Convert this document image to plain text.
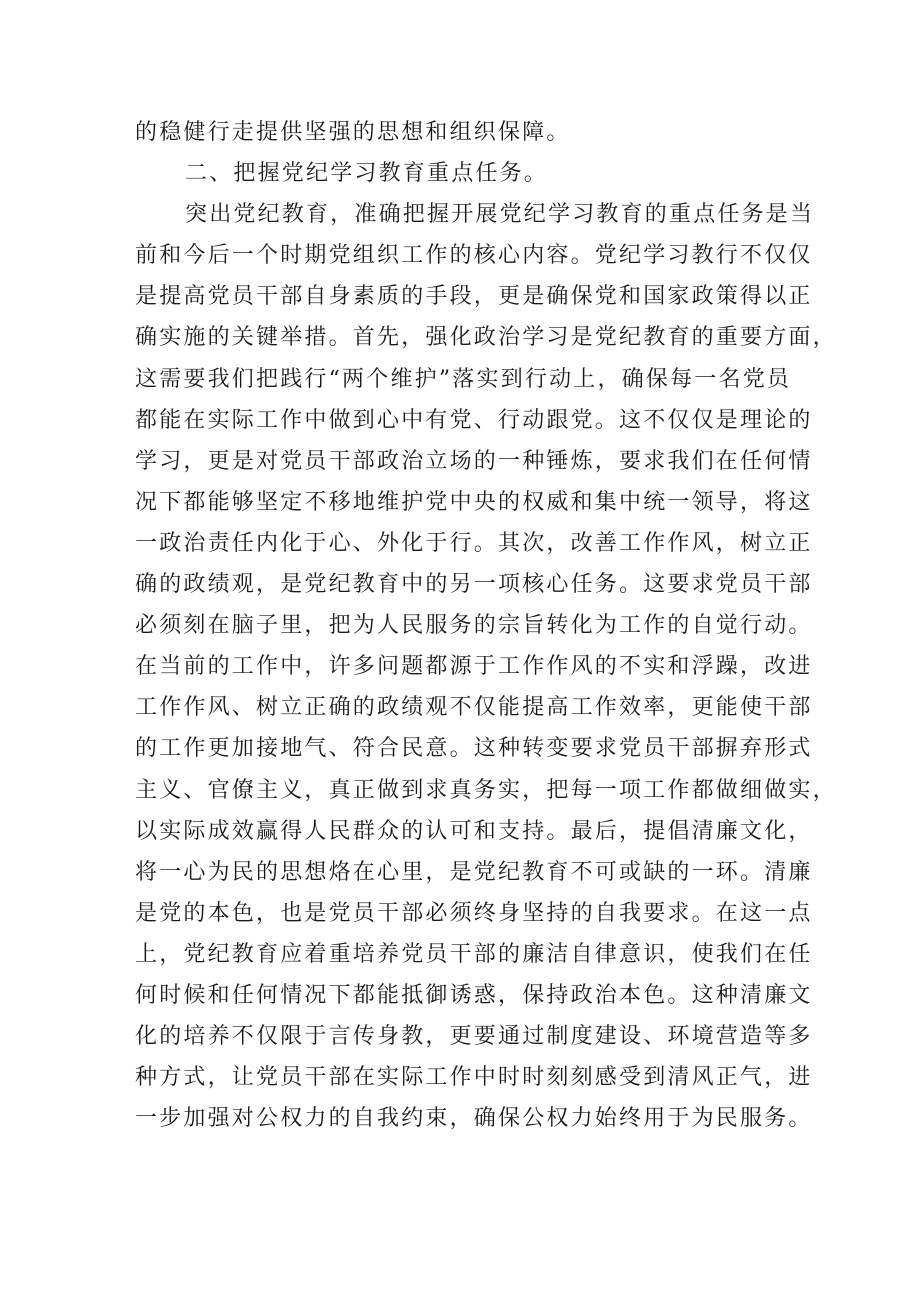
的稳健行走提供坚强的思想和组织保障。
二、把握党纪学习教育重点任务。
突出党纪教育，准确把握开展党纪学习教育的重点任务是当
前和今后一个时期党组织工作的核心内容。党纪学习教行不仅仅
是提高党员干部自身素质的手段，更是确保党和国家政策得以正
确实施的关键举措。首先，强化政治学习是党纪教育的重要方面，
这需要我们把践行“两个维护”落实到行动上，确保每一名党员
都能在实际工作中做到心中有党、行动跟党。这不仅仅是理论的
学习，更是对党员干部政治立场的一种锤炼，要求我们在任何情
况下都能够坚定不移地维护党中央的权威和集中统一领导，将这
一政治责任内化于心、外化于行。其次，改善工作作风，树立正
确的政绩观，是党纪教育中的另一项核心任务。这要求党员干部
必须刻在脑子里，把为人民服务的宗旨转化为工作的自觉行动。
在当前的工作中，许多问题都源于工作作风的不实和浮躁，改进
工作作风、树立正确的政绩观不仅能提高工作效率，更能使干部
的工作更加接地气、符合民意。这种转变要求党员干部摒弃形式
主义、官僚主义，真正做到求真务实，把每一项工作都做细做实，
以实际成效赢得人民群众的认可和支持。最后，提倡清廉文化，
将一心为民的思想烙在心里，是党纪教育不可或缺的一环。清廉
是党的本色，也是党员干部必须终身坚持的自我要求。在这一点
上，党纪教育应着重培养党员干部的廉洁自律意识，使我们在任
何时候和任何情况下都能抵御诱惑，保持政治本色。这种清廉文
化的培养不仅限于言传身教，更要通过制度建设、环境营造等多
种方式，让党员干部在实际工作中时时刻刻感受到清风正气，进
一步加强对公权力的自我约束，确保公权力始终用于为民服务。
